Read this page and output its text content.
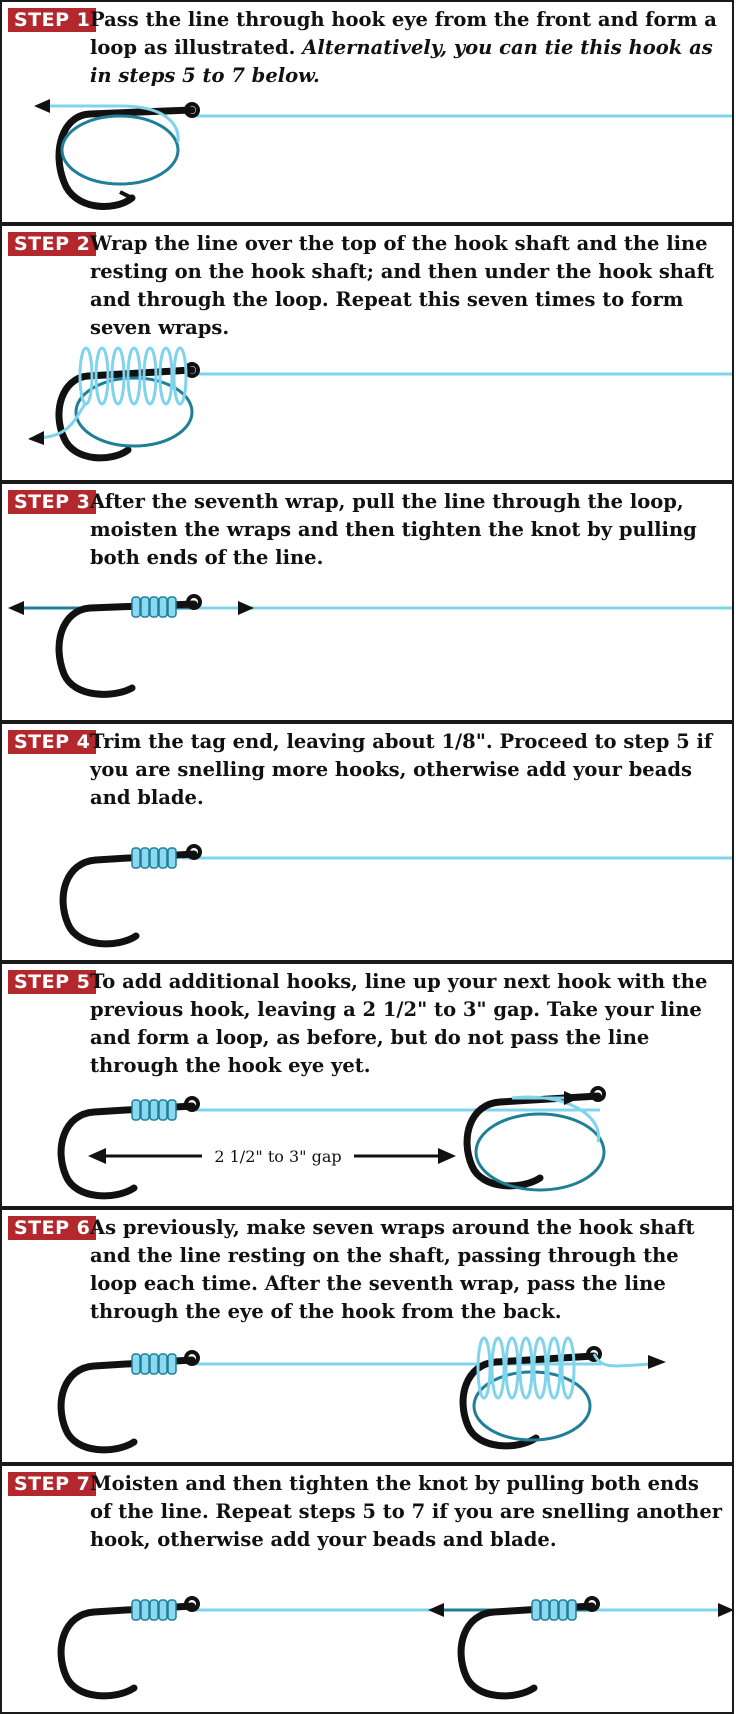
STEP 1 Pass the line through hook eye from the front and form a loop as illustrated. Alternatively, you can tie this hook as in steps 5 to 7 below.
STEP 2 Wrap the line over the top of the hook shaft and the line resting on the hook shaft; and then under the hook shaft and through the loop. Repeat this seven times to form seven wraps.
STEP 3 After the seventh wrap, pull the line through the loop, moisten the wraps and then tighten the knot by pulling both ends of the line.
STEP 4 Trim the tag end, leaving about 1/8". Proceed to step 5 if you are snelling more hooks, otherwise add your beads and blade.
STEP 5 To add additional hooks, line up your next hook with the previous hook, leaving a 2 1/2" to 3" gap. Take your line and form a loop, as before, but do not pass the line through the hook eye yet.
2 1/2" to 3" gap
STEP 6 As previously, make seven wraps around the hook shaft and the line resting on the shaft, passing through the loop each time. After the seventh wrap, pass the line through the eye of the hook from the back.
STEP 7 Moisten and then tighten the knot by pulling both ends of the line. Repeat steps 5 to 7 if you are snelling another hook, otherwise add your beads and blade.
